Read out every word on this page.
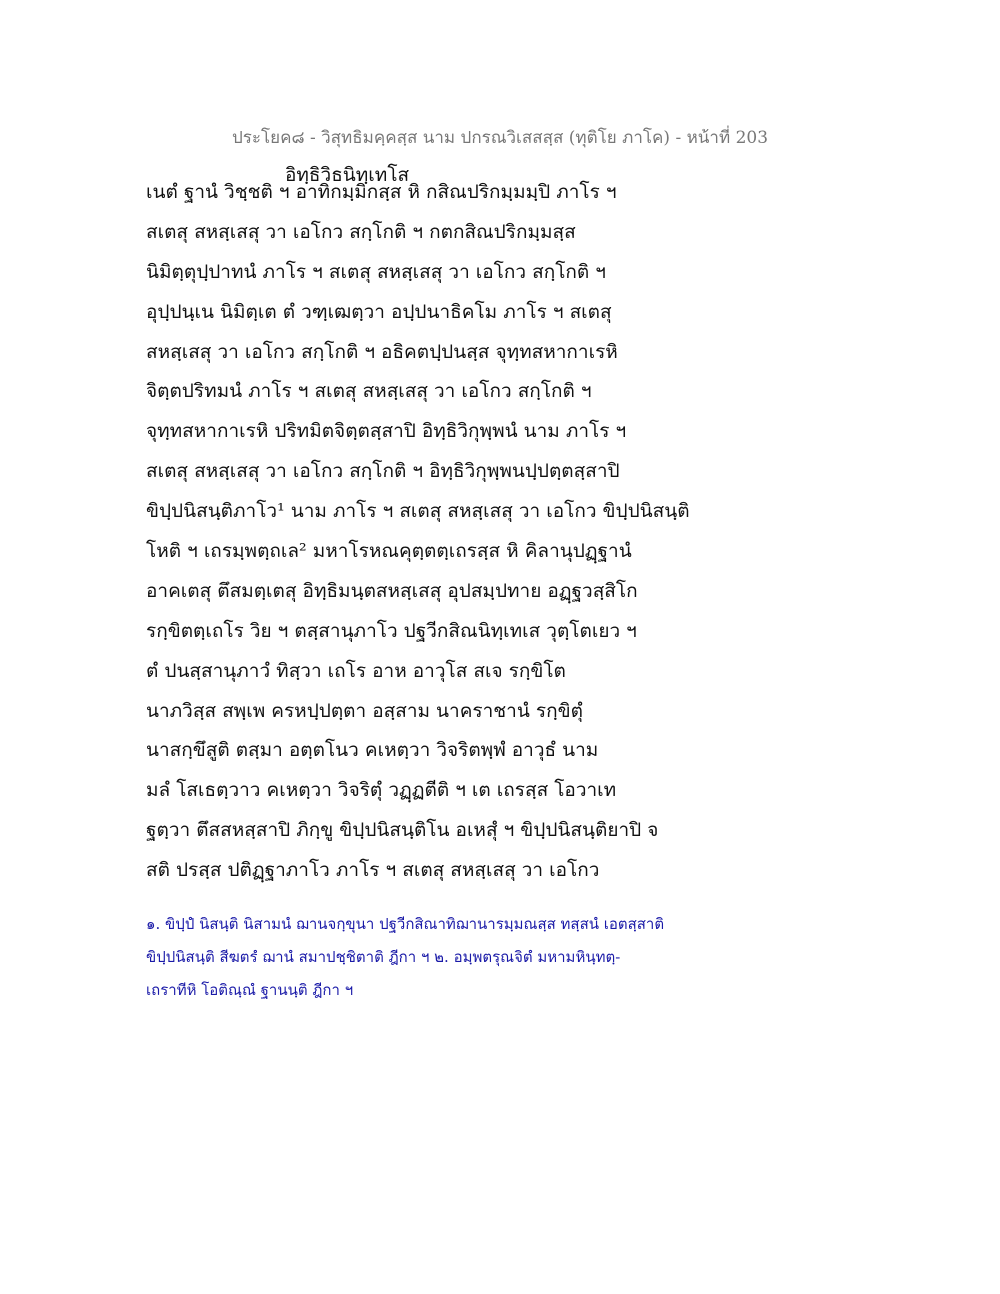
ประโยค๘ - วิสุทธิมคฺคสฺส นาม ปกรณวิเสสสฺส (ทุติโย ภาโค) - หน้าที่ 203
อิทฺธิวิธนิทฺเทโส
เนตํ ฐานํ วิชฺชติ ฯ อาทิกมฺมิกสฺส หิ กสิณปริกมฺมมฺปิ ภาโร ฯ
สเตสุ สหสฺเสสุ วา เอโกว สกฺโกติ ฯ กตกสิณปริกมฺมสฺส
นิมิตฺตุปฺปาทนํ ภาโร ฯ สเตสุ สหสฺเสสุ วา เอโกว สกฺโกติ ฯ
อุปฺปนฺเน นิมิตฺเต ตํ วฑฺเฒตฺวา อปฺปนาธิคโม ภาโร ฯ สเตสุ
สหสฺเสสุ วา เอโกว สกฺโกติ ฯ อธิคตปฺปนสฺส จุทฺทสหากาเรหิ
จิตฺตปริทมนํ ภาโร ฯ สเตสุ สหสฺเสสุ วา เอโกว สกฺโกติ ฯ
จุทฺทสหากาเรหิ ปริทมิตจิตฺตสฺสาปิ อิทฺธิวิกุพฺพนํ นาม ภาโร ฯ
สเตสุ สหสฺเสสุ วา เอโกว สกฺโกติ ฯ อิทฺธิวิกุพฺพนปฺปตฺตสฺสาปิ
ขิปฺปนิสนฺติภาโว¹ นาม ภาโร ฯ สเตสุ สหสฺเสสุ วา เอโกว ขิปฺปนิสนฺติ
โหติ ฯ เถรมฺพตฺถเล² มหาโรหณคุตฺตตฺเถรสฺส หิ คิลานุปฏฺฐานํ
อาคเตสุ ตึสมตฺเตสุ อิทฺธิมนฺตสหสฺเสสุ อุปสมฺปทาย อฏฺฐวสฺสิโก
รกฺขิตตฺเถโร วิย ฯ ตสฺสานุภาโว ปฐวีกสิณนิทฺเทเส วุตฺโตเยว ฯ
ตํ ปนสฺสานุภาวํ ทิสฺวา เถโร อาห อาวุโส สเจ รกฺขิโต
นาภวิสฺส สพฺเพ ครหปฺปตฺตา อสฺสาม นาคราชานํ รกฺขิตุํ
นาสกฺขึสูติ ตสฺมา อตฺตโนว คเหตฺวา วิจริตพฺพํ อาวุธํ นาม
มลํ โสเธตฺวาว คเหตฺวา วิจริตุํ วฏฺฏตีติ ฯ เต เถรสฺส โอวาเท
ฐตฺวา ตึสสหสฺสาปิ ภิกฺขู ขิปฺปนิสนฺติโน อเหสุํ ฯ ขิปฺปนิสนฺติยาปิ จ
สติ ปรสฺส ปติฏฺฐาภาโว ภาโร ฯ สเตสุ สหสฺเสสุ วา เอโกว
๑. ขิปฺปํ นิสนฺติ นิสามนํ ฌานจกฺขุนา ปฐวีกสิณาทิฌานารมฺมณสฺส ทสฺสนํ เอตสฺสาติ
ขิปฺปนิสนฺติ สีฆตรํ ฌานํ สมาปชฺชิตาติ ฎีกา ฯ ๒. อมฺพตรุณจิตํ มหามหินฺทตฺ-
เถราทีหิ โอติณฺณํ ฐานนฺติ ฎีกา ฯ
